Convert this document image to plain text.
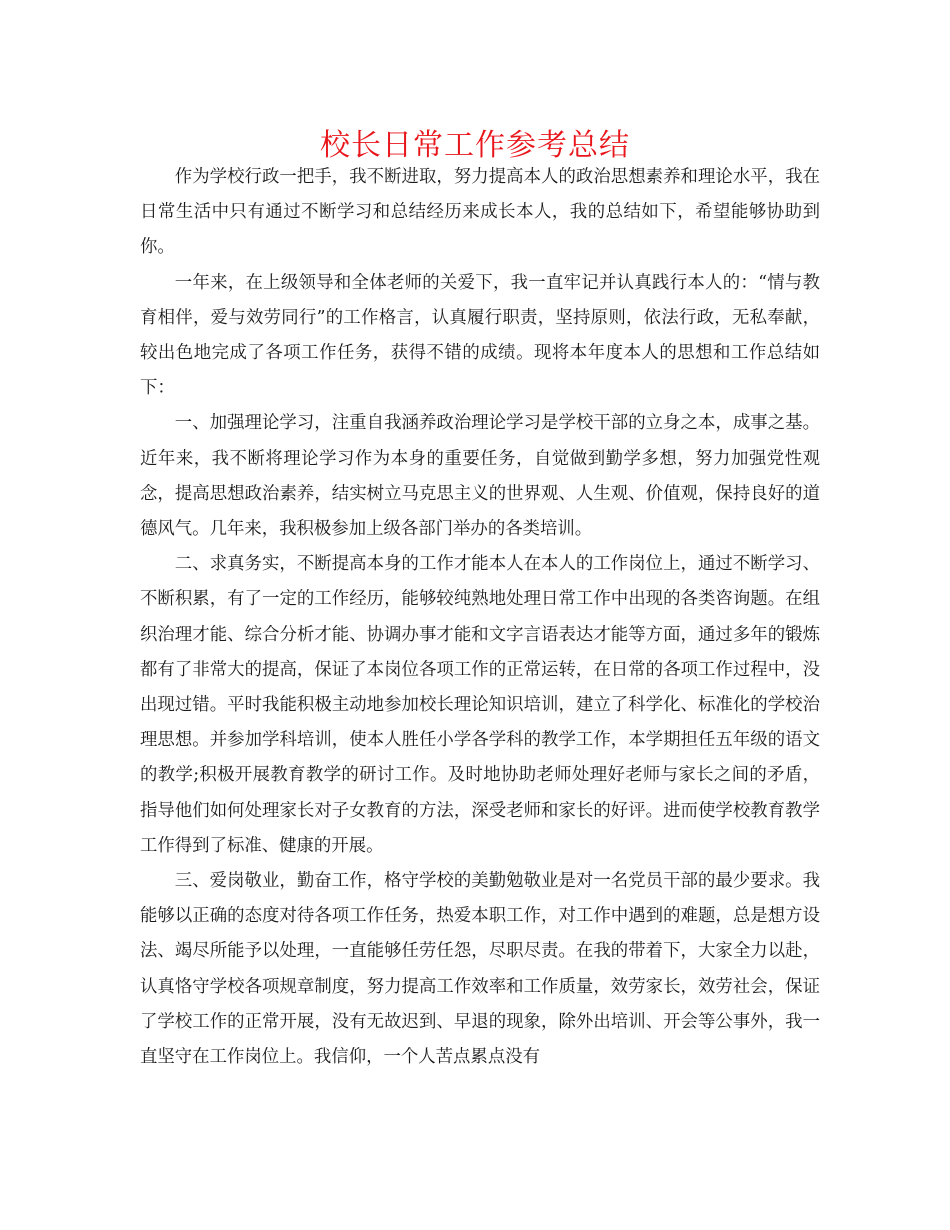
校长日常工作参考总结

作为学校行政一把手，我不断进取，努力提高本人的政治思想素养和理论水平，我在日常生活中只有通过不断学习和总结经历来成长本人，我的总结如下，希望能够协助到你。

一年来，在上级领导和全体老师的关爱下，我一直牢记并认真践行本人的：“情与教育相伴，爱与效劳同行”的工作格言，认真履行职责，坚持原则，依法行政，无私奉献，较出色地完成了各项工作任务，获得不错的成绩。现将本年度本人的思想和工作总结如下：

一、加强理论学习，注重自我涵养政治理论学习是学校干部的立身之本，成事之基。近年来，我不断将理论学习作为本身的重要任务，自觉做到勤学多想，努力加强党性观念，提高思想政治素养，结实树立马克思主义的世界观、人生观、价值观，保持良好的道德风气。几年来，我积极参加上级各部门举办的各类培训。

二、求真务实，不断提高本身的工作才能本人在本人的工作岗位上，通过不断学习、不断积累，有了一定的工作经历，能够较纯熟地处理日常工作中出现的各类咨询题。在组织治理才能、综合分析才能、协调办事才能和文字言语表达才能等方面，通过多年的锻炼都有了非常大的提高，保证了本岗位各项工作的正常运转，在日常的各项工作过程中，没出现过错。平时我能积极主动地参加校长理论知识培训，建立了科学化、标准化的学校治理思想。并参加学科培训，使本人胜任小学各学科的教学工作，本学期担任五年级的语文的教学;积极开展教育教学的研讨工作。及时地协助老师处理好老师与家长之间的矛盾，指导他们如何处理家长对子女教育的方法，深受老师和家长的好评。进而使学校教育教学工作得到了标准、健康的开展。

三、爱岗敬业，勤奋工作，格守学校的美勤勉敬业是对一名党员干部的最少要求。我能够以正确的态度对待各项工作任务，热爱本职工作，对工作中遇到的难题，总是想方设法、竭尽所能予以处理，一直能够任劳任怨，尽职尽责。在我的带着下，大家全力以赴，认真恪守学校各项规章制度，努力提高工作效率和工作质量，效劳家长，效劳社会，保证了学校工作的正常开展，没有无故迟到、早退的现象，除外出培训、开会等公事外，我一直坚守在工作岗位上。我信仰，一个人苦点累点没有
